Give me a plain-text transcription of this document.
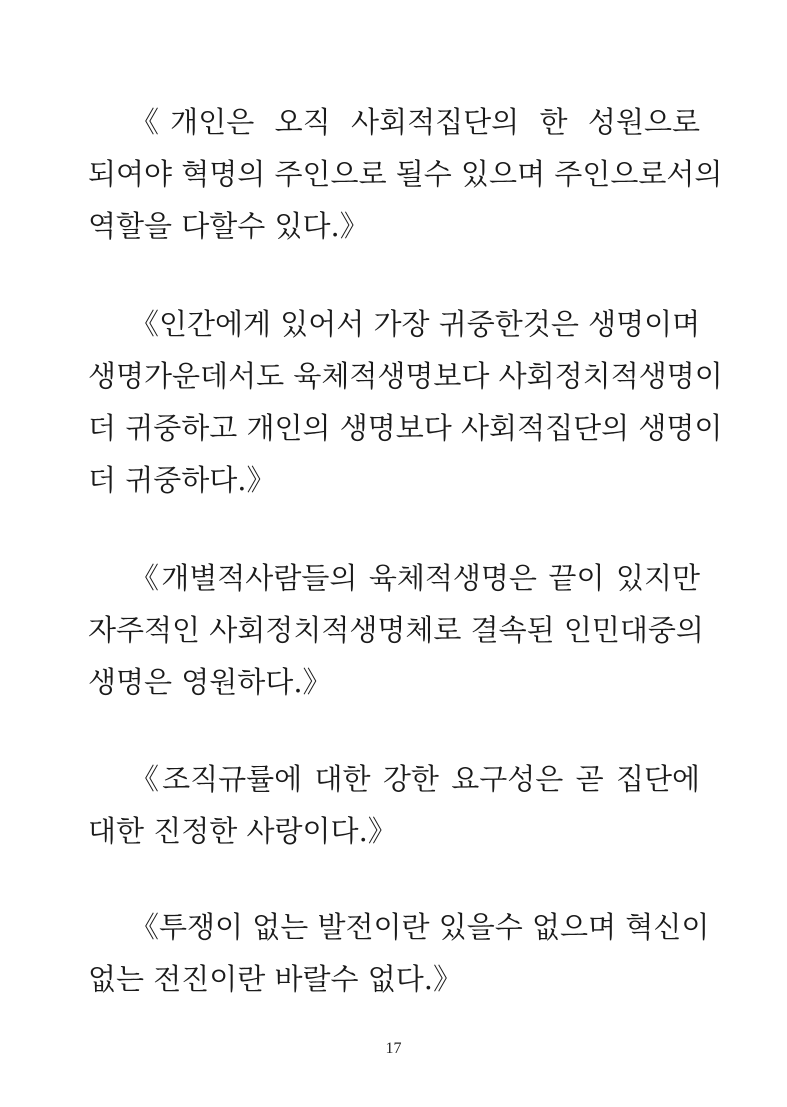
《개인은 오직 사회적집단의 한 성원으로
되여야 혁명의 주인으로 될수 있으며 주인으로서의
역할을 다할수 있다.》
《인간에게 있어서 가장 귀중한것은 생명이며
생명가운데서도 육체적생명보다 사회정치적생명이
더 귀중하고 개인의 생명보다 사회적집단의 생명이
더 귀중하다.》
《개별적사람들의 육체적생명은 끝이 있지만
자주적인 사회정치적생명체로 결속된 인민대중의
생명은 영원하다.》
《조직규률에 대한 강한 요구성은 곧 집단에
대한 진정한 사랑이다.》
《투쟁이 없는 발전이란 있을수 없으며 혁신이
없는 전진이란 바랄수 없다.》
17
